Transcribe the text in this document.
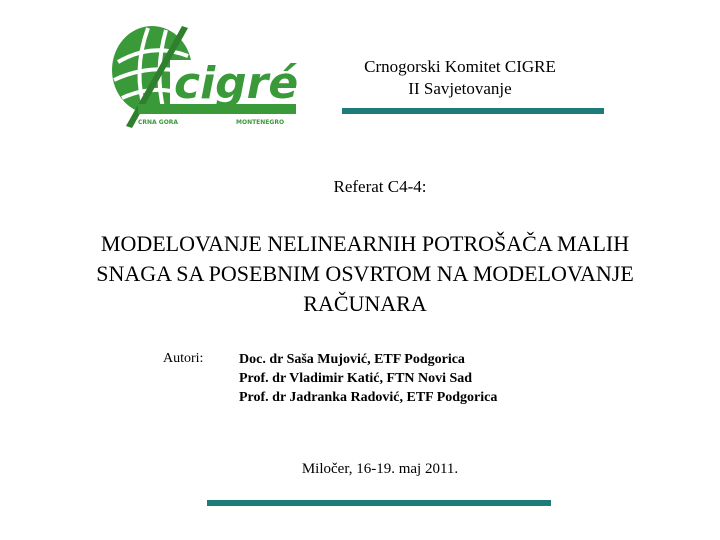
cigré
CRNA GORA	MONTENEGRO
Crnogorski Komitet CIGRE
II Savjetovanje
Referat C4-4:
MODELOVANJE NELINEARNIH POTROŠAČA MALIH
SNAGA SA POSEBNIM OSVRTOM NA MODELOVANJE
RAČUNARA
Autori:	Doc. dr Saša Mujović, ETF Podgorica
Prof. dr Vladimir Katić, FTN Novi Sad
Prof. dr Jadranka Radović, ETF Podgorica
Miločer, 16-19. maj 2011.
